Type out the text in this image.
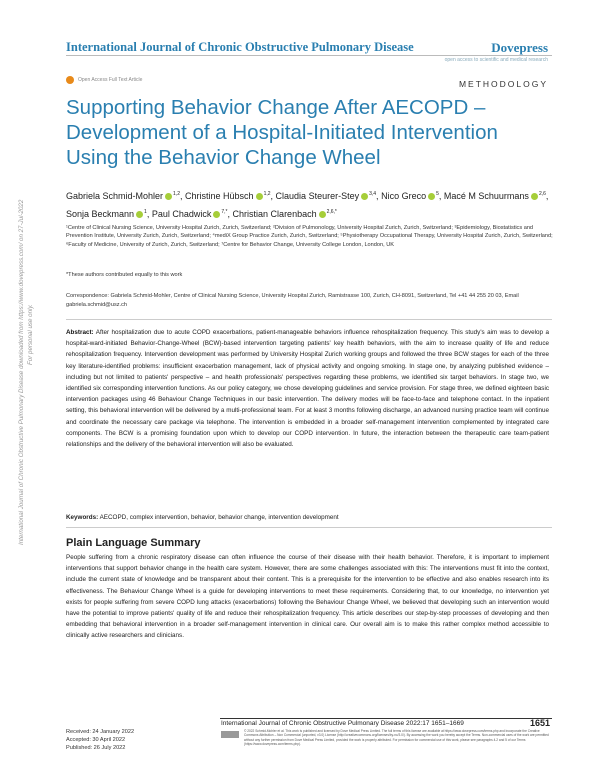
International Journal of Chronic Obstructive Pulmonary Disease	Dovepress
open access to scientific and medical research
Open Access Full Text Article	METHODOLOGY
Supporting Behavior Change After AECOPD – Development of a Hospital-Initiated Intervention Using the Behavior Change Wheel
Gabriela Schmid-Mohler $^{1,2}$, Christine Hübsch $^{1,2}$, Claudia Steurer-Stey $^{3,4}$, Nico Greco $^5$, Macé M Schuurmans $^{2,6}$, Sonja Beckmann $^1$, Paul Chadwick $^{7,*}$, Christian Clarenbach $^{2,6,*}$
¹Centre of Clinical Nursing Science, University Hospital Zurich, Zurich, Switzerland; ²Division of Pulmonology, University Hospital Zurich, Zurich, Switzerland; ³Epidemiology, Biostatistics and Prevention Institute, University Zurich, Zurich, Switzerland; ⁴mediX Group Practice Zurich, Zurich, Switzerland; ⁵Physiotherapy Occupational Therapy, University Hospital Zurich, Zurich, Switzerland; ⁶Faculty of Medicine, University of Zurich, Zurich, Switzerland; ⁷Centre for Behavior Change, University College London, London, UK
*These authors contributed equally to this work
Correspondence: Gabriela Schmid-Mohler, Centre of Clinical Nursing Science, University Hospital Zurich, Ramistrasse 100, Zurich, CH-8091, Switzerland, Tel +41 44 255 20 03, Email gabriela.schmid@usz.ch
Abstract: After hospitalization due to acute COPD exacerbations, patient-manageable behaviors influence rehospitalization frequency. This study's aim was to develop a hospital-ward-initiated Behavior-Change-Wheel (BCW)-based intervention targeting patients' key health behaviors, with the aim to increase quality of life and reduce rehospitalization frequency. Intervention development was performed by University Hospital Zurich working groups and followed the three BCW stages for each of the three key literature-identified problems: insufficient exacerbation management, lack of physical activity and ongoing smoking. In stage one, by analyzing published evidence – including but not limited to patients' perspective – and health professionals' perspectives regarding these problems, we identified six target behaviors. In stage two, we identified six corresponding intervention functions. As our policy category, we chose developing guidelines and service provision. For stage three, we defined eighteen basic intervention packages using 46 Behaviour Change Techniques in our basic intervention. The delivery modes will be face-to-face and telephone contact. In the inpatient setting, this behavioral intervention will be delivered by a multi-professional team. For at least 3 months following discharge, an advanced nursing practice team will continue and coordinate the necessary care package via telephone. The intervention is embedded in a broader self-management intervention complemented by integrated care components. The BCW is a promising foundation upon which to develop our COPD intervention. In future, the interaction between the therapeutic care team-patient relationships and the delivery of the behavioral intervention will also be evaluated.
Keywords: AECOPD, complex intervention, behavior, behavior change, intervention development
Plain Language Summary
People suffering from a chronic respiratory disease can often influence the course of their disease with their health behavior. Therefore, it is important to implement interventions that support behavior change in the health care system. However, there are some challenges associated with this: The interventions must fit into the context, include the current state of knowledge and be transparent about their content. This is a prerequisite for the intervention to be effective and also enables research into its effectiveness. The Behaviour Change Wheel is a guide for developing interventions to meet these requirements. Considering that, to our knowledge, no intervention yet exists for people suffering from severe COPD lung attacks (exacerbations) following the Behaviour Change Wheel, we believed that developing such an intervention would have the potential to improve patients' quality of life and reduce their rehospitalization frequency. This article describes our step-by-step processes of developing and then embedding that behavioral intervention in a broader self-management intervention in clinical care. Our overall aim is to make this rather complex method accessible to clinically active researchers and clinicians.
International Journal of Chronic Obstructive Pulmonary Disease downloaded from https://www.dovepress.com/ on 27-Jul-2022 For personal use only.
Received: 24 January 2022
Accepted: 30 April 2022
Published: 26 July 2022
International Journal of Chronic Obstructive Pulmonary Disease 2022:17 1651–1669	1651
© 2022 Schmid-Mohler et al. This work is published and licensed by Dove Medical Press Limited. The full terms of this license are available at https://www.dovepress.com/terms.php and incorporate the Creative Commons Attribution – Non Commercial (unported, v3.0) License (http://creativecommons.org/licenses/by-nc/3.0/). By accessing the work you hereby accept the Terms. Non-commercial uses of the work are permitted without any further permission from Dove Medical Press Limited, provided the work is properly attributed. For permission for commercial use of this work, please see paragraphs 4.2 and 5 of our Terms (https://www.dovepress.com/terms.php).
